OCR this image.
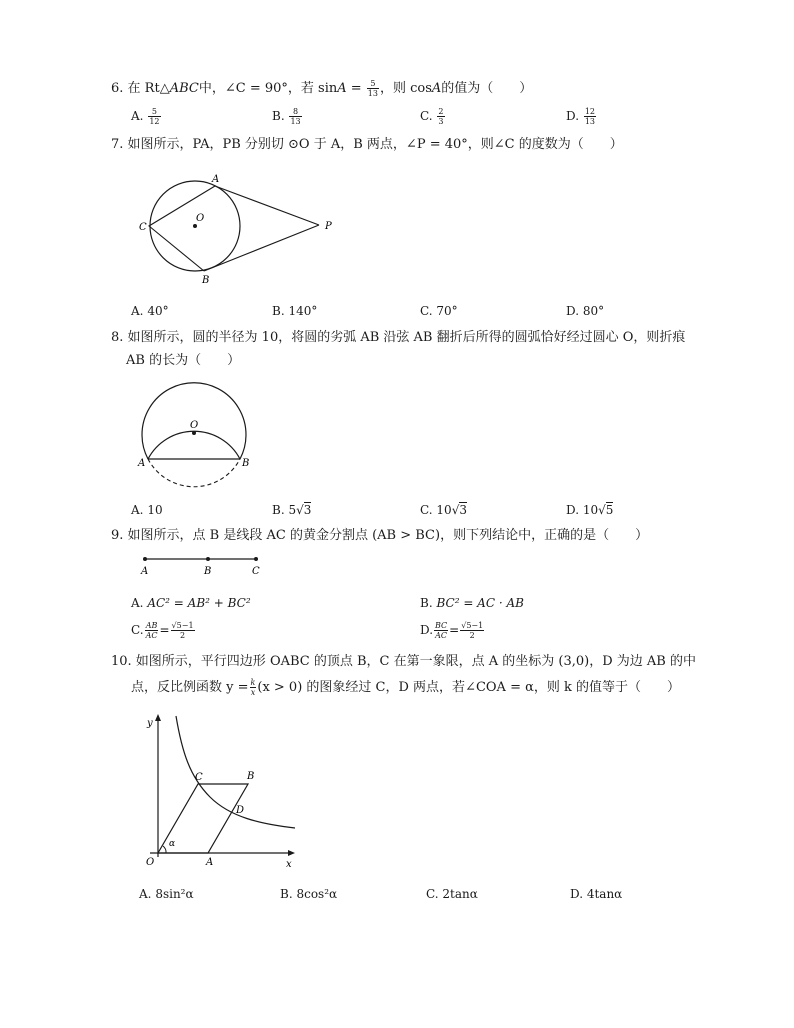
6. 在 Rt△ABC中，∠C = 90°，若 $\sin A = \frac{5}{13}$ ，则 cosA的值为（　　）
A. $\frac{5}{12}$	B. $\frac{8}{13}$	C. $\frac{2}{3}$	D. $\frac{12}{13}$
7. 如图所示，PA，PB 分别切 ⊙O 于 A，B 两点，∠P = 40°，则∠C 的度数为（　　）
A
B
C
O
P
A. 40°	B. 140°	C. 70°	D. 80°
8. 如图所示，圆的半径为 10，将圆的劣弧 AB 沿弦 AB 翻折后所得的圆弧恰好经过圆心 O，则折痕
AB 的长为（　　）
O
A	B
A. 10	B. 5√3	C. 10√3	D. 10√5
9. 如图所示，点 B 是线段 AC 的黄金分割点 (AB > BC)，则下列结论中，正确的是（　　）
A	B	C
A. AC² = AB² + BC²	B. BC² = AC · AB
C. $\frac{AB}{AC} = \frac{√5-1}{2}$	D. $\frac{BC}{AC} = \frac{√5-1}{2}$
10. 如图所示，平行四边形 OABC 的顶点 B，C 在第一象限，点 A 的坐标为 (3,0)，D 为边 AB 的中
点，反比例函数 $y = \frac{k}{x} (x > 0)$ 的图象经过 C，D 两点，若∠COA = α，则 k 的值等于（　　）
y
x
O	A
B
C
D
α
A. 8sin²α	B. 8cos²α	C. 2tanα	D. 4tanα
